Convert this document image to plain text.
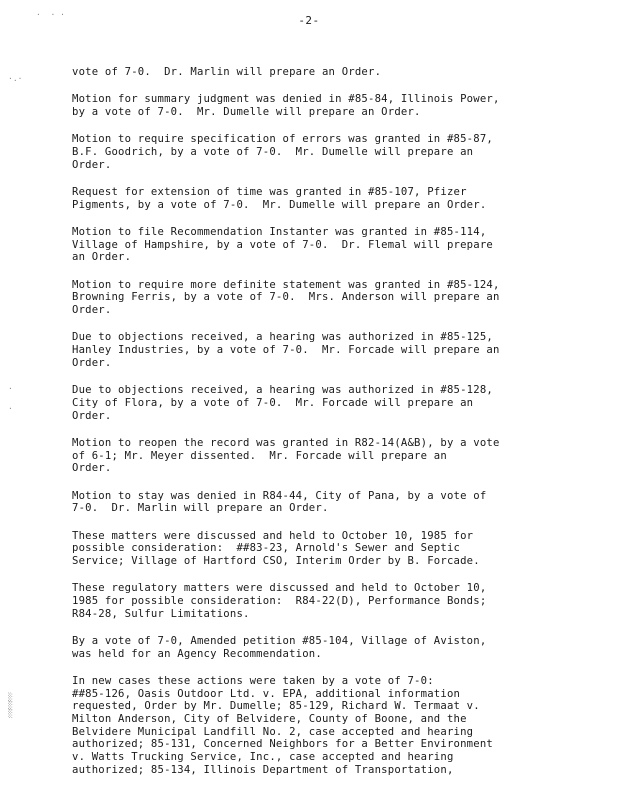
·  · ·
·.·
·
·
░
░
░
-2-

vote of 7-0.  Dr. Marlin will prepare an Order.

Motion for summary judgment was denied in #85-84, Illinois Power,
by a vote of 7-0.  Mr. Dumelle will prepare an Order.

Motion to require specification of errors was granted in #85-87,
B.F. Goodrich, by a vote of 7-0.  Mr. Dumelle will prepare an
Order.

Request for extension of time was granted in #85-107, Pfizer
Pigments, by a vote of 7-0.  Mr. Dumelle will prepare an Order.

Motion to file Recommendation Instanter was granted in #85-114,
Village of Hampshire, by a vote of 7-0.  Dr. Flemal will prepare
an Order.

Motion to require more definite statement was granted in #85-124,
Browning Ferris, by a vote of 7-0.  Mrs. Anderson will prepare an
Order.

Due to objections received, a hearing was authorized in #85-125,
Hanley Industries, by a vote of 7-0.  Mr. Forcade will prepare an
Order.

Due to objections received, a hearing was authorized in #85-128,
City of Flora, by a vote of 7-0.  Mr. Forcade will prepare an
Order.

Motion to reopen the record was granted in R82-14(A&B), by a vote
of 6-1; Mr. Meyer dissented.  Mr. Forcade will prepare an
Order.

Motion to stay was denied in R84-44, City of Pana, by a vote of
7-0.  Dr. Marlin will prepare an Order.

These matters were discussed and held to October 10, 1985 for
possible consideration:  ##83-23, Arnold's Sewer and Septic
Service; Village of Hartford CSO, Interim Order by B. Forcade.

These regulatory matters were discussed and held to October 10,
1985 for possible consideration:  R84-22(D), Performance Bonds;
R84-28, Sulfur Limitations.

By a vote of 7-0, Amended petition #85-104, Village of Aviston,
was held for an Agency Recommendation.

In new cases these actions were taken by a vote of 7-0:
##85-126, Oasis Outdoor Ltd. v. EPA, additional information
requested, Order by Mr. Dumelle; 85-129, Richard W. Termaat v.
Milton Anderson, City of Belvidere, County of Boone, and the
Belvidere Municipal Landfill No. 2, case accepted and hearing
authorized; 85-131, Concerned Neighbors for a Better Environment
v. Watts Trucking Service, Inc., case accepted and hearing
authorized; 85-134, Illinois Department of Transportation,
